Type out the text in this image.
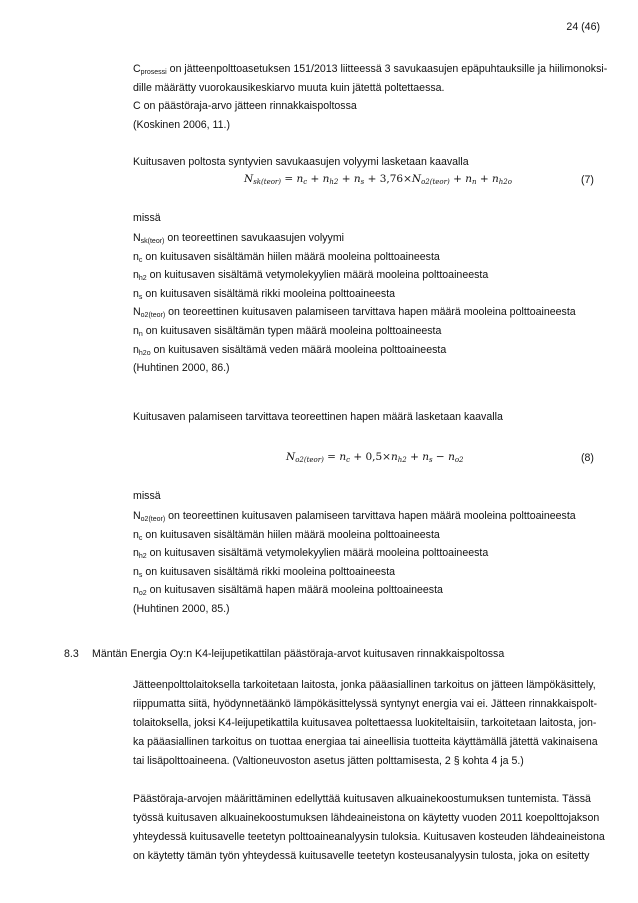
24 (46)
$C_{prosessi}$ on jätteenpolttoasetuksen 151/2013 liitteessä 3 savukaasujen epäpuhtauksille ja hiilimonoksi-
dille määrätty vuorokausikeskiarvo muuta kuin jätettä poltettaessa.
C on päästöraja-arvo jätteen rinnakkaispoltossa
(Koskinen 2006, 11.)
Kuitusaven poltosta syntyvien savukaasujen volyymi lasketaan kaavalla
$N_{sk(teor)} = n_c + n_{h2} + n_s + 3,76\times N_{o2(teor)} + n_n + n_{h2o}$	(7)
missä
$N_{sk(teor)}$ on teoreettinen savukaasujen volyymi
$n_c$ on kuitusaven sisältämän hiilen määrä mooleina polttoaineesta
$n_{h2}$ on kuitusaven sisältämä vetymolekyylien määrä mooleina polttoaineesta
$n_s$ on kuitusaven sisältämä rikki mooleina polttoaineesta
$N_{o2(teor)}$ on teoreettinen kuitusaven palamiseen tarvittava hapen määrä mooleina polttoaineesta
$n_n$ on kuitusaven sisältämän typen määrä mooleina polttoaineesta
$n_{h2o}$ on kuitusaven sisältämä veden määrä mooleina polttoaineesta
(Huhtinen 2000, 86.)
Kuitusaven palamiseen tarvittava teoreettinen hapen määrä lasketaan kaavalla
$N_{o2(teor)} = n_c + 0,5\times n_{h2} + n_s - n_{o2}$	(8)
missä
$N_{o2(teor)}$ on teoreettinen kuitusaven palamiseen tarvittava hapen määrä mooleina polttoaineesta
$n_c$ on kuitusaven sisältämän hiilen määrä mooleina polttoaineesta
$n_{h2}$ on kuitusaven sisältämä vetymolekyylien määrä mooleina polttoaineesta
$n_s$ on kuitusaven sisältämä rikki mooleina polttoaineesta
$n_{o2}$ on kuitusaven sisältämä hapen määrä mooleina polttoaineesta
(Huhtinen 2000, 85.)
8.3 Mäntän Energia Oy:n K4-leijupetikattilan päästöraja-arvot kuitusaven rinnakkaispoltossa
Jätteenpolttolaitoksella tarkoitetaan laitosta, jonka pääasiallinen tarkoitus on jätteen lämpökäsittely,
riippumatta siitä, hyödynnetäänkö lämpökäsittelyssä syntynyt energia vai ei. Jätteen rinnakkaispolt-
tolaitoksella, joksi K4-leijupetikattila kuitusavea poltettaessa luokiteltaisiin, tarkoitetaan laitosta, jon-
ka pääasiallinen tarkoitus on tuottaa energiaa tai aineellisia tuotteita käyttämällä jätettä vakinaisena
tai lisäpolttoaineena. (Valtioneuvoston asetus jätten polttamisesta, 2 § kohta 4 ja 5.)
Päästöraja-arvojen määrittäminen edellyttää kuitusaven alkuainekoostumuksen tuntemista. Tässä
työssä kuitusaven alkuainekoostumuksen lähdeaineistona on käytetty vuoden 2011 koepolttojakson
yhteydessä kuitusavelle teetetyn polttoaineanalyysin tuloksia. Kuitusaven kosteuden lähdeaineistona
on käytetty tämän työn yhteydessä kuitusavelle teetetyn kosteusanalyysin tulosta, joka on esitetty
